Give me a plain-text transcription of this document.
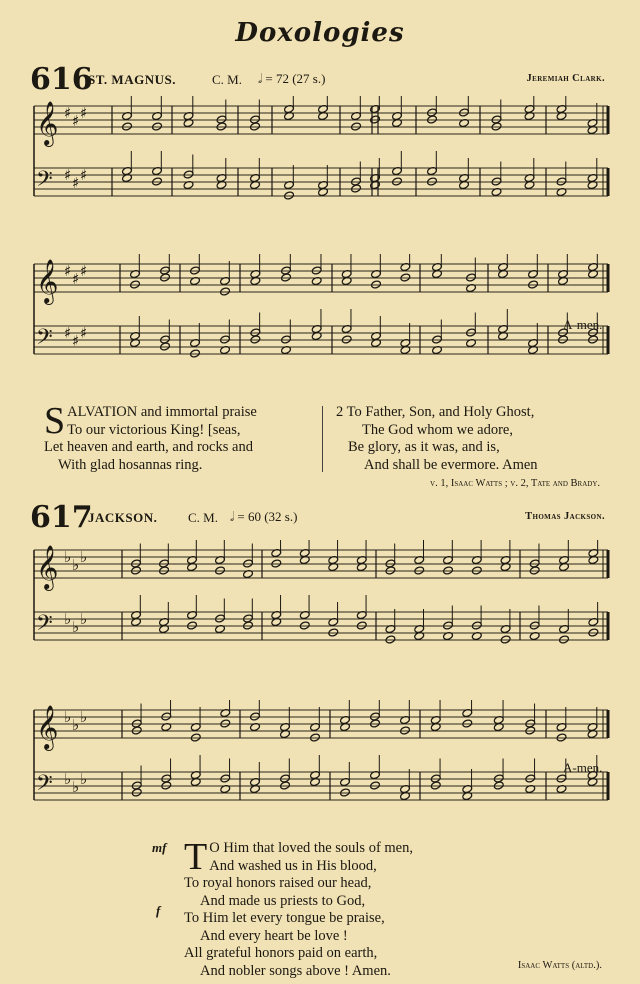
Doxologies
616
ST. MAGNUS.	C. M. 𝅗𝅥 = 72 (27 s.)	Jeremiah Clark.
𝄞 ♯ ♯ ♯
𝄢 ♯ ♯ ♯
𝄞 ♯ ♯ ♯
𝄢 ♯ ♯ ♯	A-men.
S ALVATION and immortal praise
To our victorious King! [seas,
Let heaven and earth, and rocks and
With glad hosannas ring.
2 To Father, Son, and Holy Ghost,
The God whom we adore,
Be glory, as it was, and is,
And shall be evermore. Amen
v. 1, Isaac Watts ; v. 2, Tate and Brady.
617
JACKSON. C. M. 𝅗𝅥 = 60 (32 s.)	Thomas Jackson.
𝄞 ♭ ♭ ♭
𝄢 ♭ ♭ ♭
𝄞 ♭ ♭ ♭
𝄢 ♭ ♭ ♭
A-men.
mf
f
T O Him that loved the souls of men,
And washed us in His blood,
To royal honors raised our head,
And made us priests to God,
To Him let every tongue be praise,
And every heart be love !
All grateful honors paid on earth,
And nobler songs above ! Amen.	Isaac Watts (altd.).
